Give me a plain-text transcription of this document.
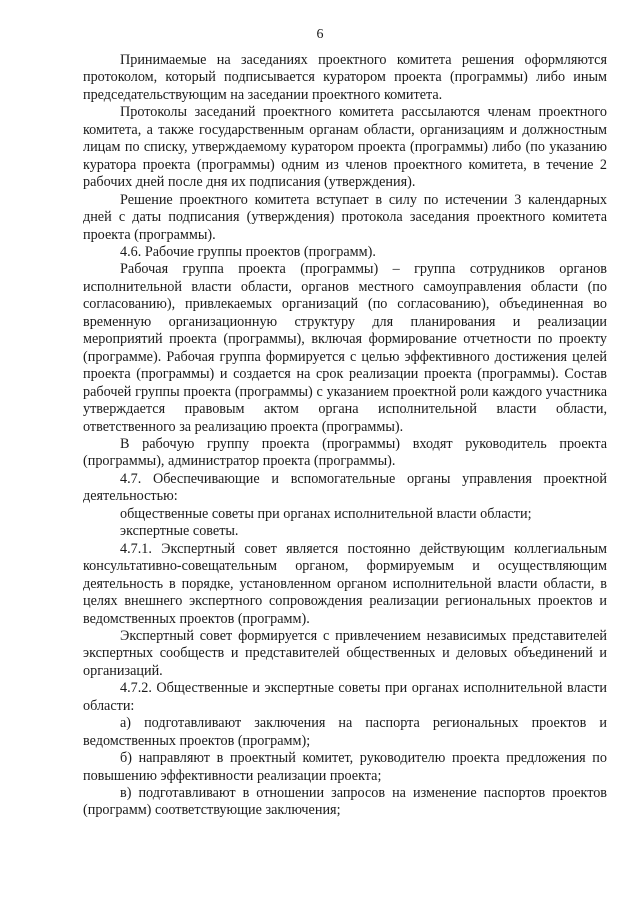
6

Принимаемые на заседаниях проектного комитета решения оформляются протоколом, который подписывается куратором проекта (программы) либо иным председательствующим на заседании проектного комитета.

Протоколы заседаний проектного комитета рассылаются членам проектного комитета, а также государственным органам области, организациям и должностным лицам по списку, утверждаемому куратором проекта (программы) либо (по указанию куратора проекта (программы) одним из членов проектного комитета, в течение 2 рабочих дней после дня их подписания (утверждения).

Решение проектного комитета вступает в силу по истечении 3 календарных дней с даты подписания (утверждения) протокола заседания проектного комитета проекта (программы).

4.6. Рабочие группы проектов (программ).

Рабочая группа проекта (программы) – группа сотрудников органов исполнительной власти области, органов местного самоуправления области (по согласованию), привлекаемых организаций (по согласованию), объединенная во временную организационную структуру для планирования и реализации мероприятий проекта (программы), включая формирование отчетности по проекту (программе). Рабочая группа формируется с целью эффективного достижения целей проекта (программы) и создается на срок реализации проекта (программы). Состав рабочей группы проекта (программы) с указанием проектной роли каждого участника утверждается правовым актом органа исполнительной власти области, ответственного за реализацию проекта (программы).

В рабочую группу проекта (программы) входят руководитель проекта (программы), администратор проекта (программы).

4.7. Обеспечивающие и вспомогательные органы управления проектной деятельностью:

общественные советы при органах исполнительной власти области;

экспертные советы.

4.7.1. Экспертный совет является постоянно действующим коллегиальным консультативно-совещательным органом, формируемым и осуществляющим деятельность в порядке, установленном органом исполнительной власти области, в целях внешнего экспертного сопровождения реализации региональных проектов и ведомственных проектов (программ).

Экспертный совет формируется с привлечением независимых представителей экспертных сообществ и представителей общественных и деловых объединений и организаций.

4.7.2. Общественные и экспертные советы при органах исполнительной власти области:

а) подготавливают заключения на паспорта региональных проектов и ведомственных проектов (программ);

б) направляют в проектный комитет, руководителю проекта предложения по повышению эффективности реализации проекта;

в) подготавливают в отношении запросов на изменение паспортов проектов (программ) соответствующие заключения;
